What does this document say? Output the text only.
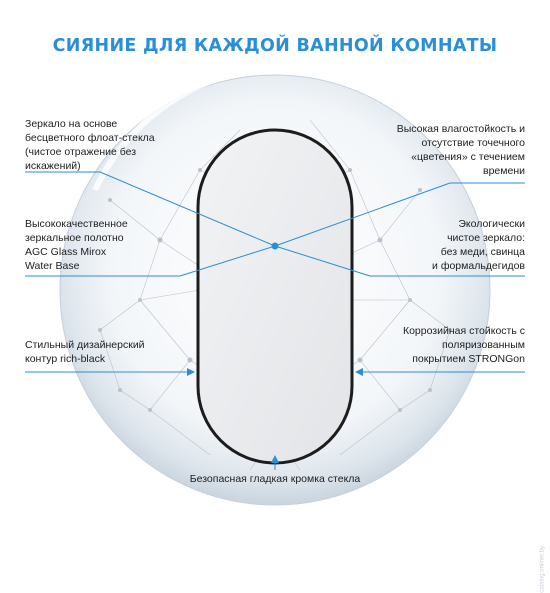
СИЯНИЕ ДЛЯ КАЖДОЙ ВАННОЙ КОМНАТЫ
Зеркало на основе
бесцветного флоат-стекла
(чистое отражение без
искажений)
Высококачественное
зеркальное полотно
AGC Glass Mirox
Water Base
Стильный дизайнерский
контур rich-black
Высокая влагостойкость и
отсутствие точечного
«цветения» с течением
времени
Экологически
чистое зеркало:
без меди, свинца
и формальдегидов
Коррозийная стойкость с
поляризованным
покрытием STRONGon
Безопасная гладкая кромка стекла
catalog.onliner.by
